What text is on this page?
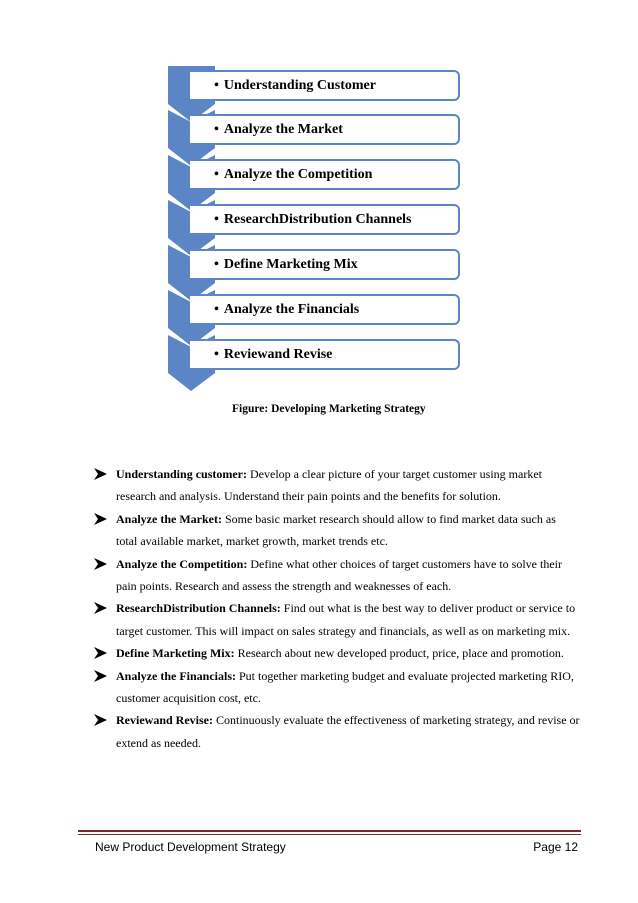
• Understanding Customer
• Analyze the Market
• Analyze the Competition
• ResearchDistribution Channels
• Define Marketing Mix
• Analyze the Financials
• Reviewand Revise
Figure: Developing Marketing Strategy
Understanding customer: Develop a clear picture of your target customer using market research and analysis. Understand their pain points and the benefits for solution.
Analyze the Market: Some basic market research should allow to find market data such as total available market, market growth, market trends etc.
Analyze the Competition: Define what other choices of target customers have to solve their pain points. Research and assess the strength and weaknesses of each.
ResearchDistribution Channels: Find out what is the best way to deliver product or service to target customer. This will impact on sales strategy and financials, as well as on marketing mix.
Define Marketing Mix: Research about new developed product, price, place and promotion.
Analyze the Financials: Put together marketing budget and evaluate projected marketing RIO, customer acquisition cost, etc.
Reviewand Revise: Continuously evaluate the effectiveness of marketing strategy, and revise or extend as needed.
New Product Development Strategy	Page 12
